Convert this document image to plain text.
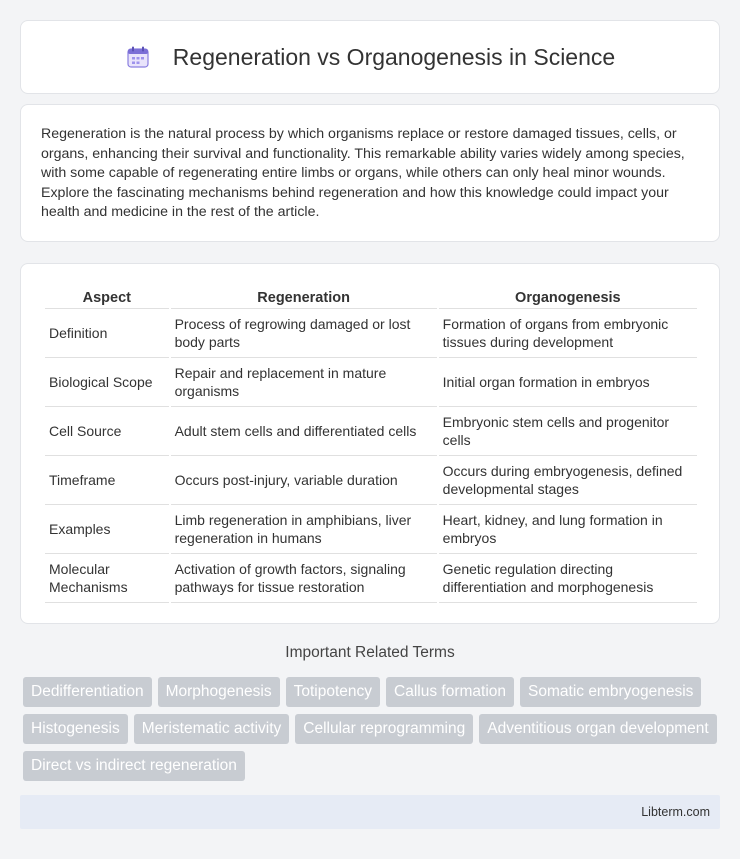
Regeneration vs Organogenesis in Science

Regeneration is the natural process by which organisms replace or restore damaged tissues, cells, or organs, enhancing their survival and functionality. This remarkable ability varies widely among species, with some capable of regenerating entire limbs or organs, while others can only heal minor wounds. Explore the fascinating mechanisms behind regeneration and how this knowledge could impact your health and medicine in the rest of the article.

Aspect	Regeneration	Organogenesis
Definition	Process of regrowing damaged or lost body parts	Formation of organs from embryonic tissues during development
Biological Scope	Repair and replacement in mature organisms	Initial organ formation in embryos
Cell Source	Adult stem cells and differentiated cells	Embryonic stem cells and progenitor cells
Timeframe	Occurs post-injury, variable duration	Occurs during embryogenesis, defined developmental stages
Examples	Limb regeneration in amphibians, liver regeneration in humans	Heart, kidney, and lung formation in embryos
Molecular Mechanisms	Activation of growth factors, signaling pathways for tissue restoration	Genetic regulation directing differentiation and morphogenesis
Important Related Terms
Dedifferentiation	Morphogenesis	Totipotency	Callus formation	Somatic embryogenesis
Histogenesis	Meristematic activity	Cellular reprogramming	Adventitious organ development
Direct vs indirect regeneration
Libterm.com
